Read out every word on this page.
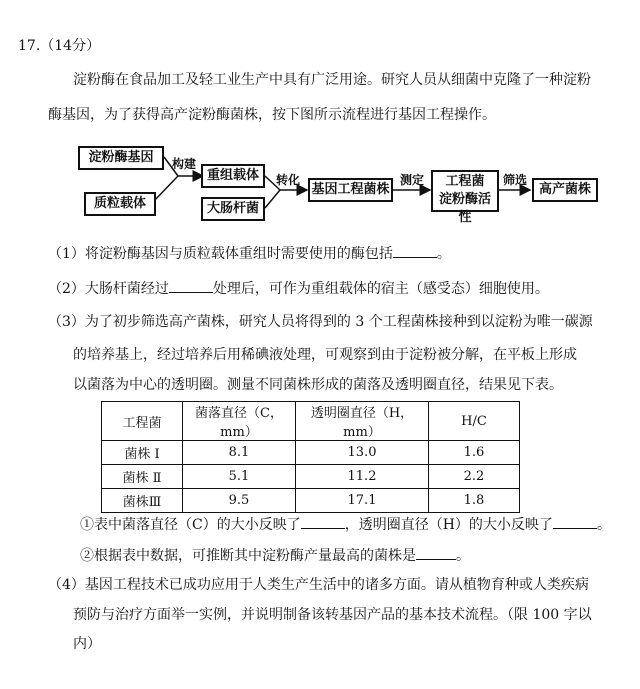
17.（14分）
淀粉酶在食品加工及轻工业生产中具有广泛用途。研究人员从细菌中克隆了一种淀粉
酶基因，为了获得高产淀粉酶菌株，按下图所示流程进行基因工程操作。
淀粉酶基因
质粒载体
重组载体
大肠杆菌
基因工程菌株
工程菌
淀粉酶活性
高产菌株
构建
转化	测定	筛选
（1）将淀粉酶基因与质粒载体重组时需要使用的酶包括	。
（2）大肠杆菌经过	处理后，可作为重组载体的宿主（感受态）细胞使用。
（3）为了初步筛选高产菌株，研究人员将得到的 3 个工程菌株接种到以淀粉为唯一碳源
的培养基上，经过培养后用稀碘液处理，可观察到由于淀粉被分解，在平板上形成
以菌落为中心的透明圈。测量不同菌株形成的菌落及透明圈直径，结果见下表。
工程菌	菌落直径（C，mm）	透明圈直径（H，mm）	H/C
菌株 Ⅰ	8.1	13.0	1.6
菌株 Ⅱ	5.1	11.2	2.2
菌株Ⅲ	9.5	17.1	1.8
①表中菌落直径（C）的大小反映了	，透明圈直径（H）的大小反映了	。
②根据表中数据，可推断其中淀粉酶产量最高的菌株是	。
（4）基因工程技术已成功应用于人类生产生活中的诸多方面。请从植物育种或人类疾病
预防与治疗方面举一实例，并说明制备该转基因产品的基本技术流程。（限 100 字以
内）
